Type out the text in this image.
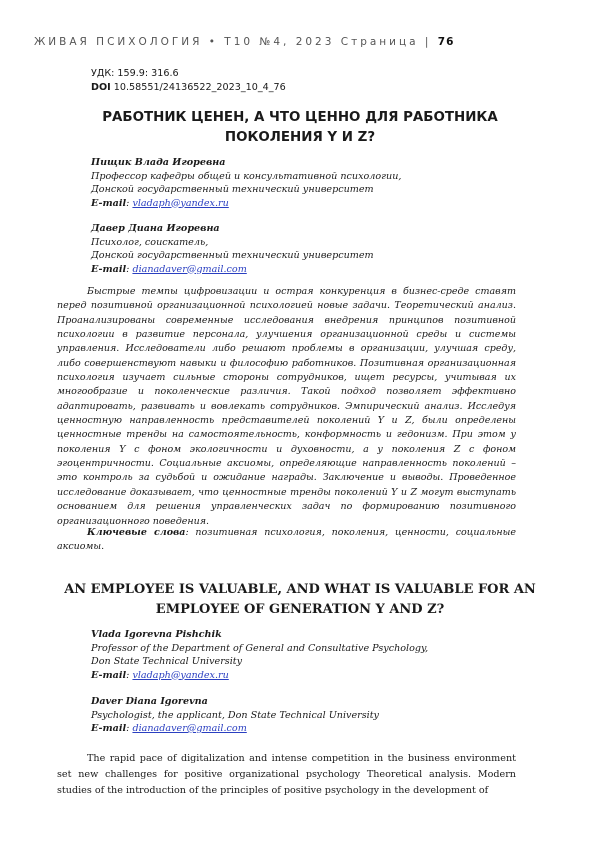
ЖИВАЯ ПСИХОЛОГИЯ • Т10 №4, 2023 Страница | 76
УДК: 159.9: 316.6
DOI 10.58551/24136522_2023_10_4_76
РАБОТНИК ЦЕНЕН, А ЧТО ЦЕННО ДЛЯ РАБОТНИКА ПОКОЛЕНИЯ Y И Z?
Пищик Влада Игоревна
Профессор кафедры общей и консультативной психологии,
Донской государственный технический университет
E-mail: vladaph@yandex.ru
Давер Диана Игоревна
Психолог, соискатель,
Донской государственный технический университет
E-mail: dianadaver@gmail.com

Быстрые темпы цифровизации и острая конкуренция в бизнес-среде ставят перед позитивной организационной психологией новые задачи. Теоретический анализ. Проанализированы современные исследования внедрения принципов позитивной психологии в развитие персонала, улучшения организационной среды и системы управления. Исследователи либо решают проблемы в организации, улучшая среду, либо совершенствуют навыки и философию работников. Позитивная организационная психология изучает сильные стороны сотрудников, ищет ресурсы, учитывая их многообразие и поколенческие различия. Такой подход позволяет эффективно адаптировать, развивать и вовлекать сотрудников. Эмпирический анализ. Исследуя ценностную направленность представителей поколений Y и Z, были определены ценностные тренды на самостоятельность, конформность и гедонизм. При этом у поколения Y с фоном экологичности и духовности, а у поколения Z с фоном эгоцентричности. Социальные аксиомы, определяющие направленность поколений – это контроль за судьбой и ожидание награды. Заключение и выводы. Проведенное исследование доказывает, что ценностные тренды поколений Y и Z могут выступать основанием для решения управленческих задач по формированию позитивного организационного поведения.

Ключевые слова: позитивная психология, поколения, ценности, социальные аксиомы.

AN EMPLOYEE IS VALUABLE, AND WHAT IS VALUABLE FOR AN EMPLOYEE OF GENERATION Y AND Z?
Vlada Igorevna Pishchik
Professor of the Department of General and Consultative Psychology,
Don State Technical University
E-mail: vladaph@yandex.ru
Daver Diana Igorevna
Psychologist, the applicant, Don State Technical University
E-mail: dianadaver@gmail.com

The rapid pace of digitalization and intense competition in the business environment set new challenges for positive organizational psychology Theoretical analysis. Modern studies of the introduction of the principles of positive psychology in the development of
